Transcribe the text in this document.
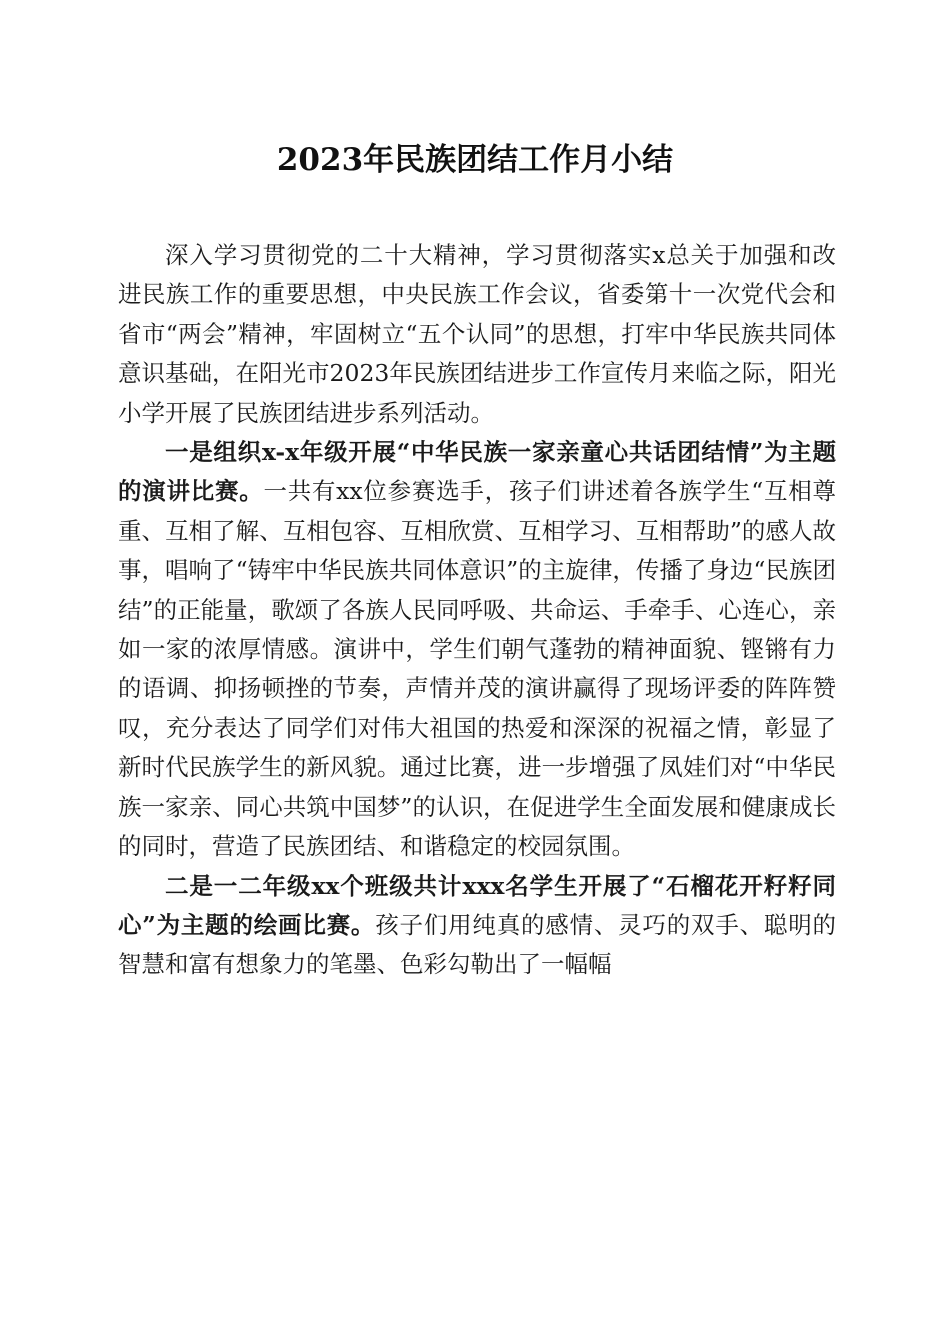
2023年民族团结工作月小结

深入学习贯彻党的二十大精神，学习贯彻落实x总关于加强和改进民族工作的重要思想，中央民族工作会议，省委第十一次党代会和省市“两会”精神，牢固树立“五个认同”的思想，打牢中华民族共同体意识基础，在阳光市2023年民族团结进步工作宣传月来临之际，阳光小学开展了民族团结进步系列活动。

一是组织x-x年级开展“中华民族一家亲童心共话团结情”为主题的演讲比赛。一共有xx位参赛选手，孩子们讲述着各族学生“互相尊重、互相了解、互相包容、互相欣赏、互相学习、互相帮助”的感人故事，唱响了“铸牢中华民族共同体意识”的主旋律，传播了身边“民族团结”的正能量，歌颂了各族人民同呼吸、共命运、手牵手、心连心，亲如一家的浓厚情感。演讲中，学生们朝气蓬勃的精神面貌、铿锵有力的语调、抑扬顿挫的节奏，声情并茂的演讲赢得了现场评委的阵阵赞叹，充分表达了同学们对伟大祖国的热爱和深深的祝福之情，彰显了新时代民族学生的新风貌。通过比赛，进一步增强了凤娃们对“中华民族一家亲、同心共筑中国梦”的认识，在促进学生全面发展和健康成长的同时，营造了民族团结、和谐稳定的校园氛围。

二是一二年级xx个班级共计xxx名学生开展了“石榴花开籽籽同心”为主题的绘画比赛。孩子们用纯真的感情、灵巧的双手、聪明的智慧和富有想象力的笔墨、色彩勾勒出了一幅幅
